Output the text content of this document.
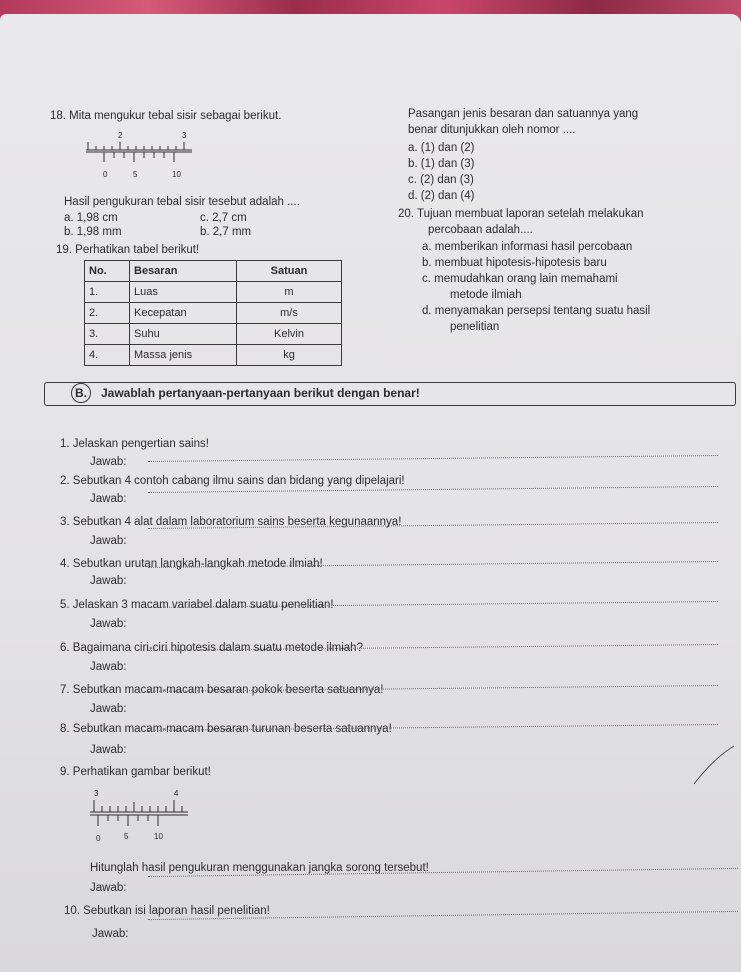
18. Mita mengukur tebal sisir sebagai berikut.
2	3
0	5	10
Hasil pengukuran tebal sisir tesebut adalah ....
a. 1,98 cm
b. 1,98 mm
c. 2,7 cm
b. 2,7 mm
Pasangan jenis besaran dan satuannya yang
benar ditunjukkan oleh nomor ....
a. (1) dan (2)
b. (1) dan (3)
c. (2) dan (3)
d. (2) dan (4)
19. Perhatikan tabel berikut!
No.	Besaran	Satuan
1.	Luas	m
2.	Kecepatan	m/s
3.	Suhu	Kelvin
4.	Massa jenis	kg
20. Tujuan membuat laporan setelah melakukan
percobaan adalah....
a. memberikan informasi hasil percobaan
b. membuat hipotesis-hipotesis baru
c. memudahkan orang lain memahami
metode ilmiah
d. menyamakan persepsi tentang suatu hasil
penelitian
B. Jawablah pertanyaan-pertanyaan berikut dengan benar!
1. Jelaskan pengertian sains!
Jawab:
2. Sebutkan 4 contoh cabang ilmu sains dan bidang yang dipelajari!
Jawab:
3. Sebutkan 4 alat dalam laboratorium sains beserta kegunaannya!
Jawab:
4. Sebutkan urutan langkah-langkah metode ilmiah!
Jawab:
5. Jelaskan 3 macam variabel dalam suatu penelitian!
Jawab:
6. Bagaimana ciri-ciri hipotesis dalam suatu metode ilmiah?
Jawab:
7. Sebutkan macam-macam besaran pokok beserta satuannya!
Jawab:
8. Sebutkan macam-macam besaran turunan beserta satuannya!
Jawab:
9. Perhatikan gambar berikut!
3	4
0	5	10
Hitunglah hasil pengukuran menggunakan jangka sorong tersebut!
Jawab:
10. Sebutkan isi laporan hasil penelitian!
Jawab:
